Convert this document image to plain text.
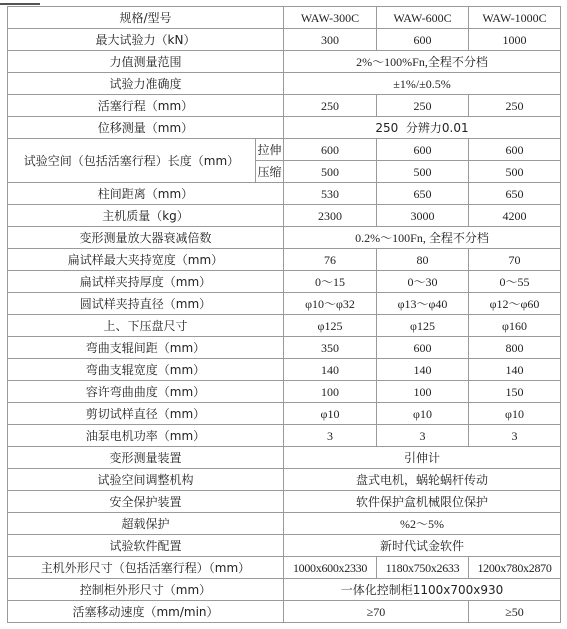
规格/型号		WAW-300C	WAW-600C	WAW-1000C
最大试验力（kN）		300	600	1000
力值测量范围		2%～100%Fn,全程不分档		
试验力准确度		±1%/±0.5%		
活塞行程（mm）		250	250	250
位移测量（mm）		250  分辨力0.01		
试验空间（包括活塞行程）长度（mm）	拉伸	600	600	600
	压缩	500	500	500
柱间距离（mm）		530	650	650
主机质量（kg）		2300	3000	4200
变形测量放大器衰减倍数		0.2%～100Fn, 全程不分档		
扁试样最大夹持宽度（mm）		76	80	70
扁试样夹持厚度（mm）		0～15	0～30	0～55
圆试样夹持直径（mm）		φ10～φ32	φ13～φ40	φ12～φ60
上、下压盘尺寸		φ125	φ125	φ160
弯曲支辊间距（mm）		350	600	800
弯曲支辊宽度（mm）		140	140	140
容许弯曲曲度（mm）		100	100	150
剪切试样直径（mm）		φ10	φ10	φ10
油泵电机功率（mm）		3	3	3
变形测量装置		引伸计		
试验空间调整机构		盘式电机，蜗轮蜗杆传动		
安全保护装置		软件保护盒机械限位保护		
超载保护		%2～5%		
试验软件配置		新时代试金软件		
主机外形尺寸（包括活塞行程）（mm）		1000x600x2330	1180x750x2633	1200x780x2870
控制柜外形尺寸（mm）		一体化控制柜1100x700x930		
活塞移动速度（mm/min）		≥70		≥50
